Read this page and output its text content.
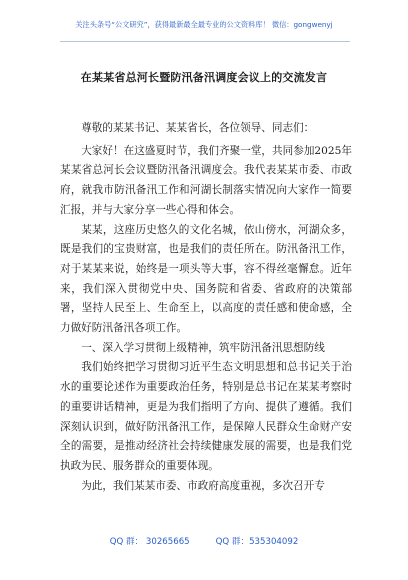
关注头条号“公文研究”，获得最新最全最专业的公文资料库！ 微信：gongwenyj
在某某省总河长暨防汛备汛调度会议上的交流发言

尊敬的某某书记、某某省长，各位领导、同志们：

大家好！在这盛夏时节，我们齐聚一堂，共同参加2025年某某省总河长会议暨防汛备汛调度会。我代表某某市委、市政府，就我市防汛备汛工作和河湖长制落实情况向大家作一简要汇报，并与大家分享一些心得和体会。

某某，这座历史悠久的文化名城，依山傍水，河湖众多，既是我们的宝贵财富，也是我们的责任所在。防汛备汛工作，对于某某来说，始终是一项头等大事，容不得丝毫懈怠。近年来，我们深入贯彻党中央、国务院和省委、省政府的决策部署，坚持人民至上、生命至上，以高度的责任感和使命感，全力做好防汛备汛各项工作。

一、深入学习贯彻上级精神，筑牢防汛备汛思想防线

我们始终把学习贯彻习近平生态文明思想和总书记关于治水的重要论述作为重要政治任务，特别是总书记在某某考察时的重要讲话精神，更是为我们指明了方向、提供了遵循。我们深刻认识到，做好防汛备汛工作，是保障人民群众生命财产安全的需要，是推动经济社会持续健康发展的需要，也是我们党执政为民、服务群众的重要体现。

为此，我们某某市委、市政府高度重视，多次召开专

QQ 群： 30265665	QQ 群：535304092
